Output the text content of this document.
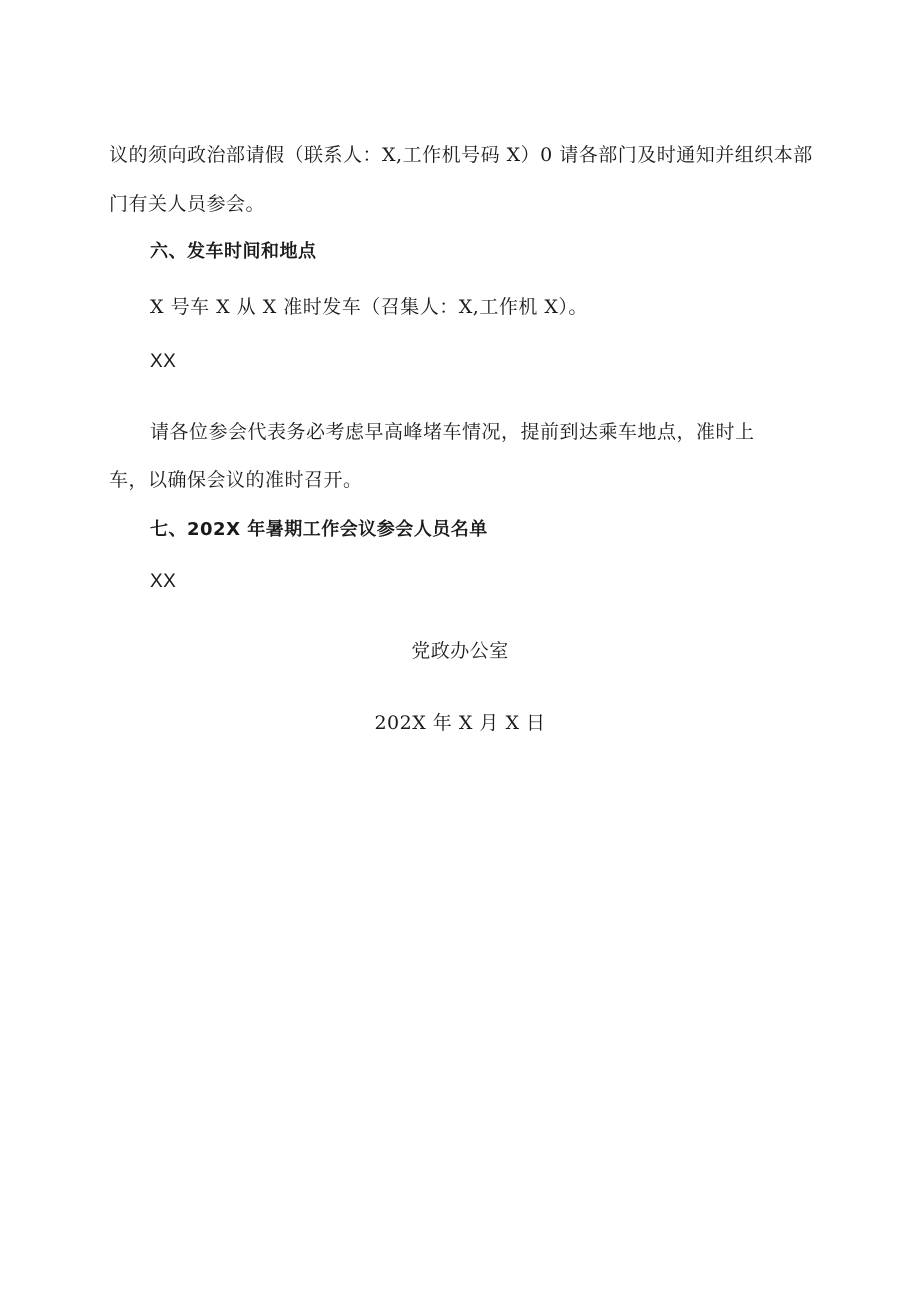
议的须向政治部请假（联系人：X,工作机号码 X）0 请各部门及时通知并组织本部
门有关人员参会。
六、发车时间和地点
X 号车 X 从 X 准时发车（召集人：X,工作机 X）。
XX
请各位参会代表务必考虑早高峰堵车情况，提前到达乘车地点，准时上
车，以确保会议的准时召开。
七、202X 年暑期工作会议参会人员名单
XX
党政办公室
202X 年 X 月 X 日
